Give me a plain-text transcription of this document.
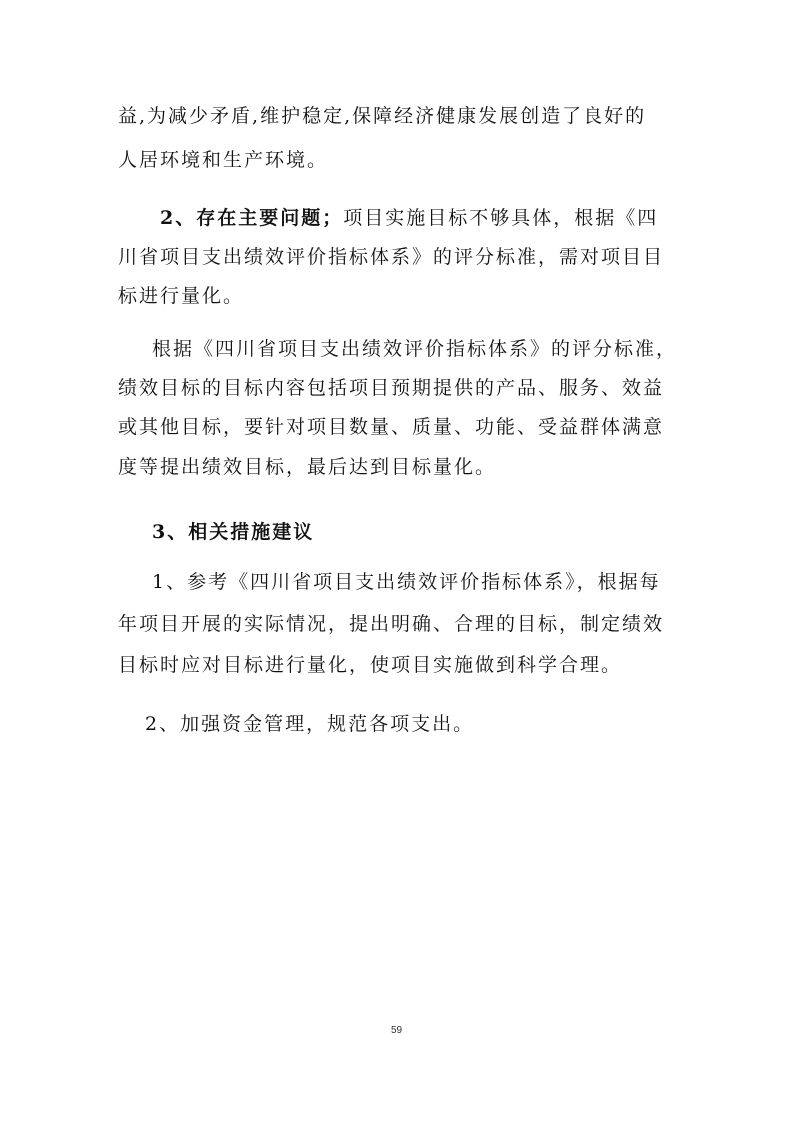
益,为减少矛盾,维护稳定,保障经济健康发展创造了良好的
人居环境和生产环境。
2、存在主要问题；项目实施目标不够具体，根据《四
川省项目支出绩效评价指标体系》的评分标准，需对项目目
标进行量化。
根据《四川省项目支出绩效评价指标体系》的评分标准，
绩效目标的目标内容包括项目预期提供的产品、服务、效益
或其他目标，要针对项目数量、质量、功能、受益群体满意
度等提出绩效目标，最后达到目标量化。
3、相关措施建议
1、参考《四川省项目支出绩效评价指标体系》，根据每
年项目开展的实际情况，提出明确、合理的目标，制定绩效
目标时应对目标进行量化，使项目实施做到科学合理。
2、加强资金管理，规范各项支出。
59
